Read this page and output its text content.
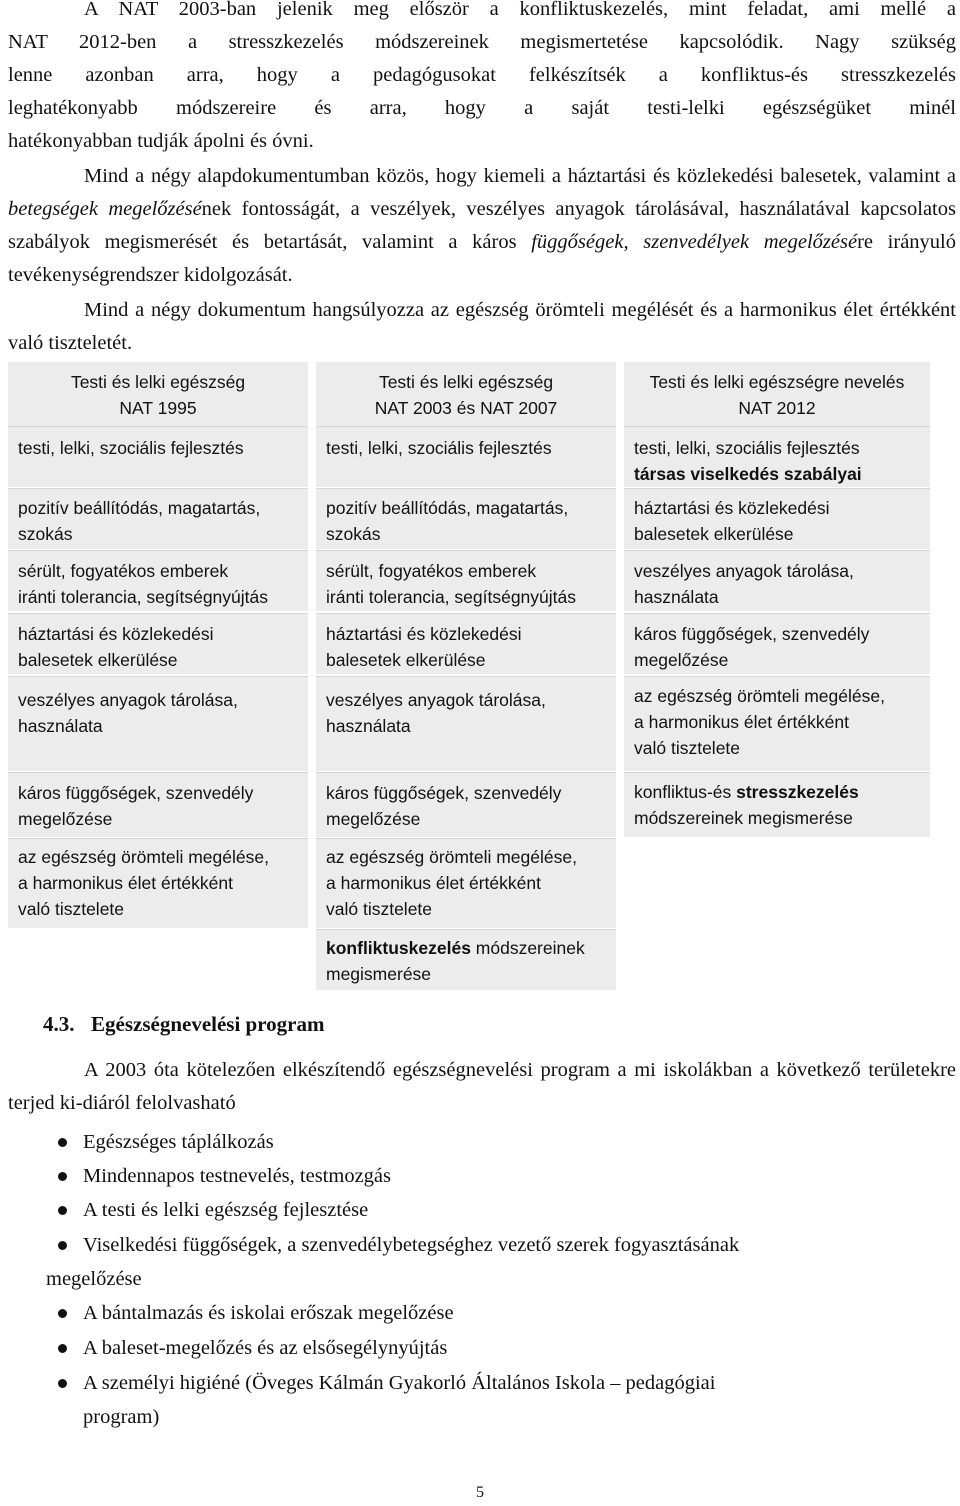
A NAT 2003-ban jelenik meg először a konfliktuskezelés, mint feladat, ami mellé a
NAT 2012-ben a stresszkezelés módszereinek megismertetése kapcsolódik. Nagy szükség
lenne azonban arra, hogy a pedagógusokat felkészítsék a konfliktus-és stresszkezelés
leghatékonyabb módszereire és arra, hogy a saját testi-lelki egészségüket minél
hatékonyabban tudják ápolni és óvni.

Mind a négy alapdokumentumban közös, hogy kiemeli a háztartási és közlekedési balesetek, valamint a betegségek megelőzésének fontosságát, a veszélyek, veszélyes anyagok tárolásával, használatával kapcsolatos szabályok megismerését és betartását, valamint a káros függőségek, szenvedélyek megelőzésére irányuló tevékenységrendszer kidolgozását.

Mind a négy dokumentum hangsúlyozza az egészség örömteli megélését és a harmonikus élet értékként való tiszteletét.

Testi és lelki egészség
NAT 1995
testi, lelki, szociális fejlesztés
pozitív beállítódás, magatartás,
szokás
sérült, fogyatékos emberek
iránti tolerancia, segítségnyújtás
háztartási és közlekedési
balesetek elkerülése
veszélyes anyagok tárolása,
használata
káros függőségek, szenvedély
megelőzése
az egészség örömteli megélése,
a harmonikus élet értékként
való tisztelete
Testi és lelki egészség
NAT 2003 és NAT 2007
testi, lelki, szociális fejlesztés
pozitív beállítódás, magatartás,
szokás
sérült, fogyatékos emberek
iránti tolerancia, segítségnyújtás
háztartási és közlekedési
balesetek elkerülése
veszélyes anyagok tárolása,
használata
káros függőségek, szenvedély
megelőzése
az egészség örömteli megélése,
a harmonikus élet értékként
való tisztelete
konfliktuskezelés módszereinek
megismerése
Testi és lelki egészségre nevelés
NAT 2012
testi, lelki, szociális fejlesztés
társas viselkedés szabályai
háztartási és közlekedési
balesetek elkerülése
veszélyes anyagok tárolása,
használata
káros függőségek, szenvedély
megelőzése
az egészség örömteli megélése,
a harmonikus élet értékként
való tisztelete
konfliktus-és stresszkezelés
módszereinek megismerése
4.3. Egészségnevelési program

A 2003 óta kötelezően elkészítendő egészségnevelési program a mi iskolákban a következő területekre terjed ki-diáról felolvasható

Egészséges táplálkozás
Mindennapos testnevelés, testmozgás
A testi és lelki egészség fejlesztése
Viselkedési függőségek, a szenvedélybetegséghez vezető szerek fogyasztásának
megelőzése
A bántalmazás és iskolai erőszak megelőzése
A baleset-megelőzés és az elsősegélynyújtás
A személyi higiéné (Öveges Kálmán Gyakorló Általános Iskola – pedagógiai
program)
5
